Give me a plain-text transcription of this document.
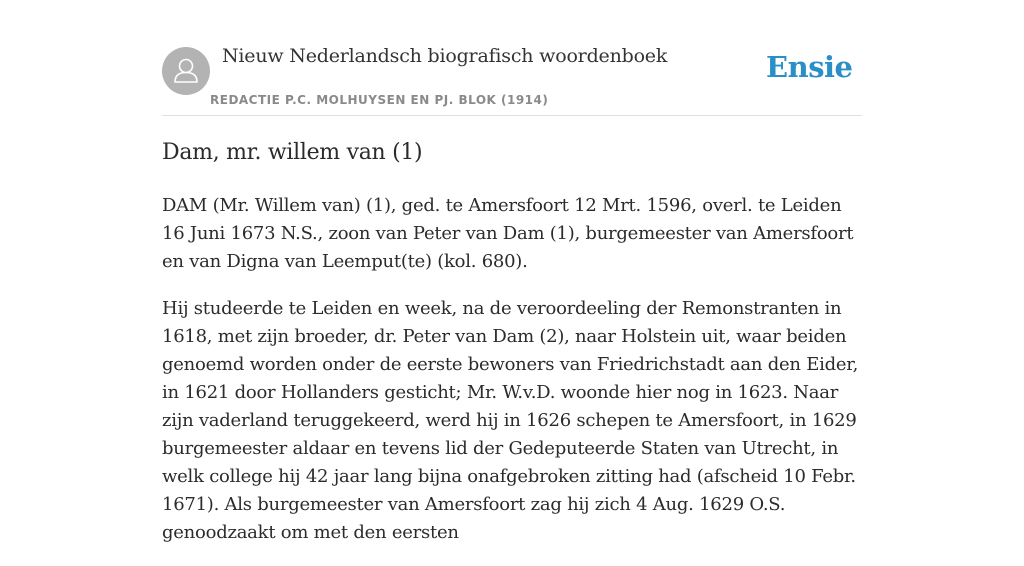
Nieuw Nederlandsch biografisch woordenboek
REDACTIE P.C. MOLHUYSEN EN PJ. BLOK (1914)
Ensie
Dam, mr. willem van (1)

DAM (Mr. Willem van) (1), ged. te Amersfoort 12 Mrt. 1596, overl. te Leiden 16 Juni 1673 N.S., zoon van Peter van Dam (1), burgemeester van Amersfoort en van Digna van Leemput(te) (kol. 680).

Hij studeerde te Leiden en week, na de veroordeeling der Remonstranten in 1618, met zijn broeder, dr. Peter van Dam (2), naar Holstein uit, waar beiden genoemd worden onder de eerste bewoners van Friedrichstadt aan den Eider, in 1621 door Hollanders gesticht; Mr. W.v.D. woonde hier nog in 1623. Naar zijn vaderland teruggekeerd, werd hij in 1626 schepen te Amersfoort, in 1629 burgemeester aldaar en tevens lid der Gedeputeerde Staten van Utrecht, in welk college hij 42 jaar lang bijna onafgebroken zitting had (afscheid 10 Febr. 1671). Als burgemeester van Amersfoort zag hij zich 4 Aug. 1629 O.S. genoodzaakt om met den eersten
